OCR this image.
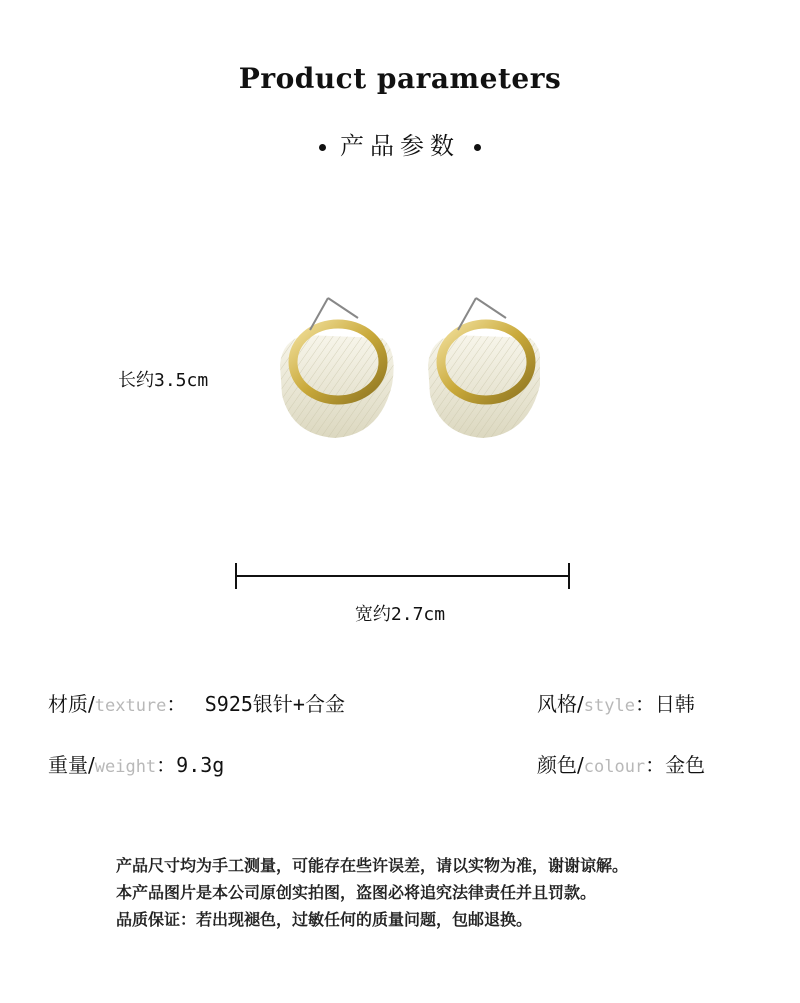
Product parameters
产品参数
长约3.5cm
宽约2.7cm
材质/texture： S925银针+合金	风格/style：日韩
重量/weight：9.3g	颜色/colour：金色
产品尺寸均为手工测量，可能存在些许误差，请以实物为准，谢谢谅解。
本产品图片是本公司原创实拍图，盗图必将追究法律责任并且罚款。
品质保证：若出现褪色，过敏任何的质量问题，包邮退换。
